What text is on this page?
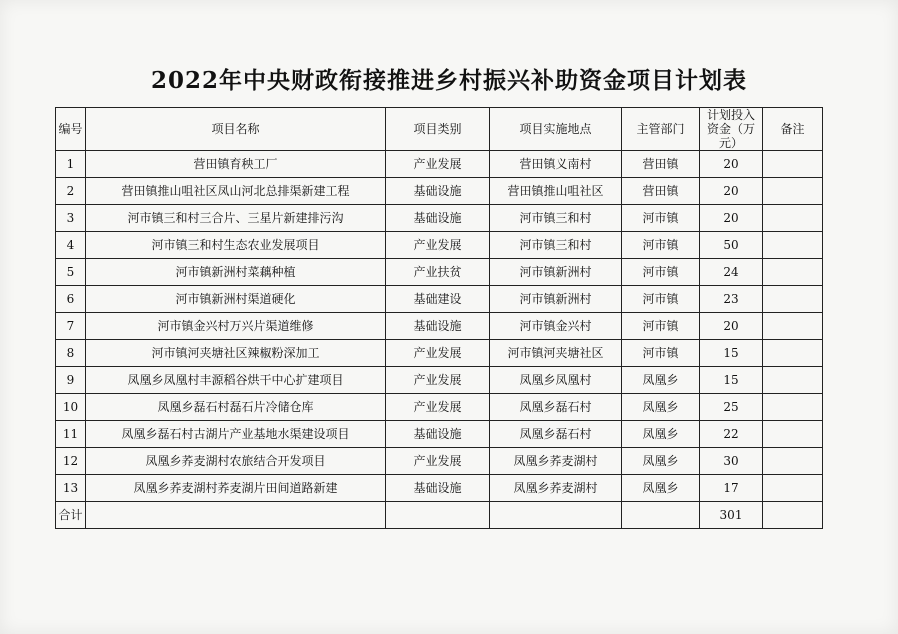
2022年中央财政衔接推进乡村振兴补助资金项目计划表
编号	项目名称	项目类别	项目实施地点	主管部门	计划投入资金（万元）	备注
1	营田镇育秧工厂	产业发展	营田镇义南村	营田镇	20	
2	营田镇推山咀社区凤山河北总排渠新建工程	基础设施	营田镇推山咀社区	营田镇	20	
3	河市镇三和村三合片、三星片新建排污沟	基础设施	河市镇三和村	河市镇	20	
4	河市镇三和村生态农业发展项目	产业发展	河市镇三和村	河市镇	50	
5	河市镇新洲村菜藕种植	产业扶贫	河市镇新洲村	河市镇	24	
6	河市镇新洲村渠道硬化	基础建设	河市镇新洲村	河市镇	23	
7	河市镇金兴村万兴片渠道维修	基础设施	河市镇金兴村	河市镇	20	
8	河市镇河夹塘社区辣椒粉深加工	产业发展	河市镇河夹塘社区	河市镇	15	
9	凤凰乡凤凰村丰源稻谷烘干中心扩建项目	产业发展	凤凰乡凤凰村	凤凰乡	15	
10	凤凰乡磊石村磊石片冷储仓库	产业发展	凤凰乡磊石村	凤凰乡	25	
11	凤凰乡磊石村古湖片产业基地水渠建设项目	基础设施	凤凰乡磊石村	凤凰乡	22	
12	凤凰乡荞麦湖村农旅结合开发项目	产业发展	凤凰乡荞麦湖村	凤凰乡	30	
13	凤凰乡荞麦湖村荞麦湖片田间道路新建	基础设施	凤凰乡荞麦湖村	凤凰乡	17	
合计					301	
